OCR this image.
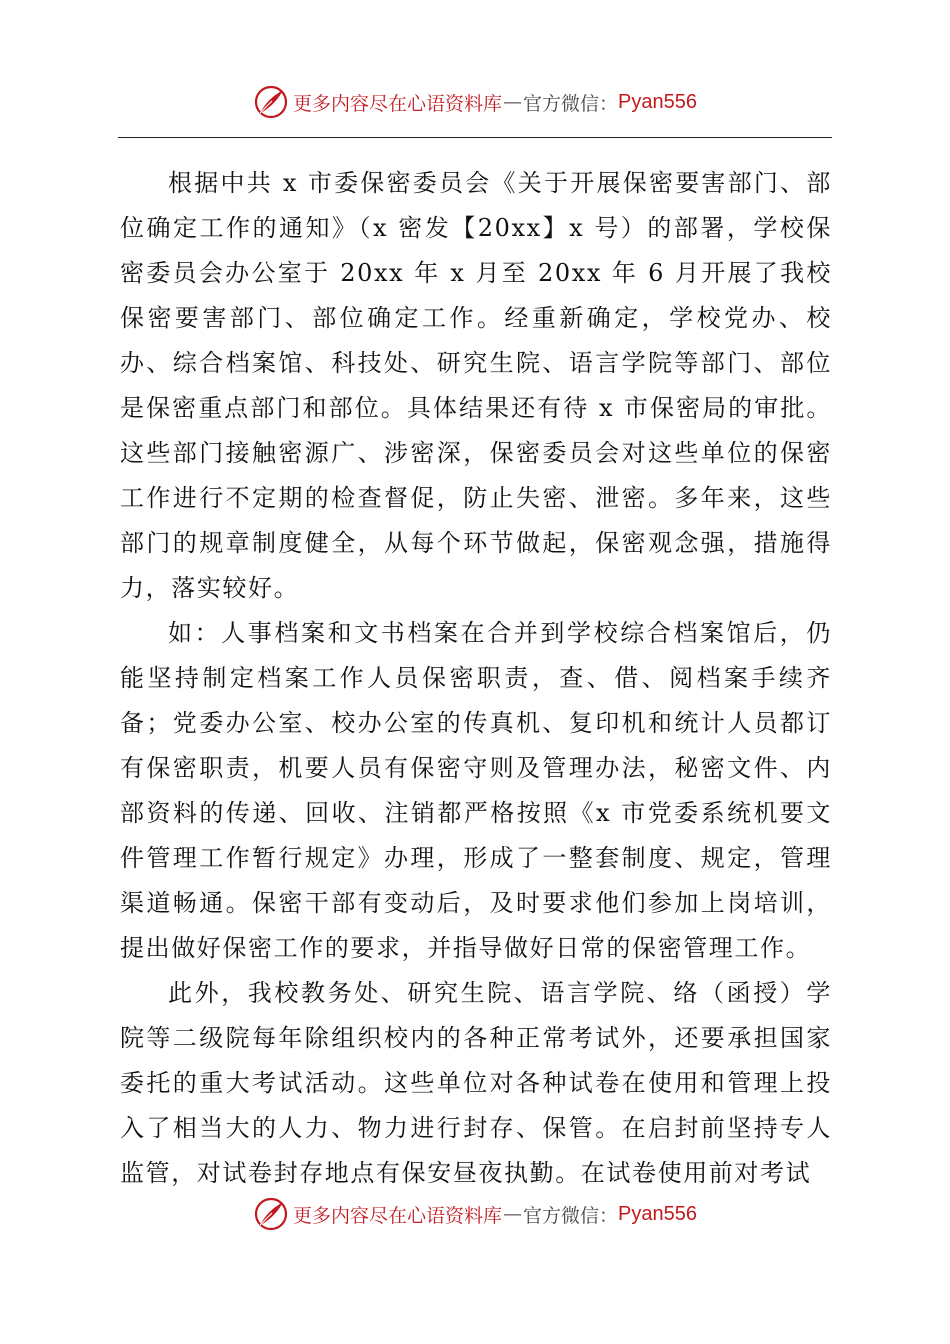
更多内容尽在心语资料库 — 官方微信： Pyan556

根据中共 x 市委保密委员会《关于开展保密要害部门、部位确定工作的通知》（x 密发【20xx】x 号）的部署，学校保密委员会办公室于 20xx 年 x 月至 20xx 年 6 月开展了我校保密要害部门、部位确定工作。经重新确定，学校党办、校办、综合档案馆、科技处、研究生院、语言学院等部门、部位是保密重点部门和部位。具体结果还有待 x 市保密局的审批。这些部门接触密源广、涉密深，保密委员会对这些单位的保密工作进行不定期的检查督促，防止失密、泄密。多年来，这些部门的规章制度健全，从每个环节做起，保密观念强，措施得力，落实较好。

如：人事档案和文书档案在合并到学校综合档案馆后，仍能坚持制定档案工作人员保密职责，查、借、阅档案手续齐备；党委办公室、校办公室的传真机、复印机和统计人员都订有保密职责，机要人员有保密守则及管理办法，秘密文件、内部资料的传递、回收、注销都严格按照《x 市党委系统机要文件管理工作暂行规定》办理，形成了一整套制度、规定，管理渠道畅通。保密干部有变动后，及时要求他们参加上岗培训，提出做好保密工作的要求，并指导做好日常的保密管理工作。

此外，我校教务处、研究生院、语言学院、络（函授）学院等二级院每年除组织校内的各种正常考试外，还要承担国家委托的重大考试活动。这些单位对各种试卷在使用和管理上投入了相当大的人力、物力进行封存、保管。在启封前坚持专人监管，对试卷封存地点有保安昼夜执勤。在试卷使用前对考试

更多内容尽在心语资料库 — 官方微信： Pyan556
